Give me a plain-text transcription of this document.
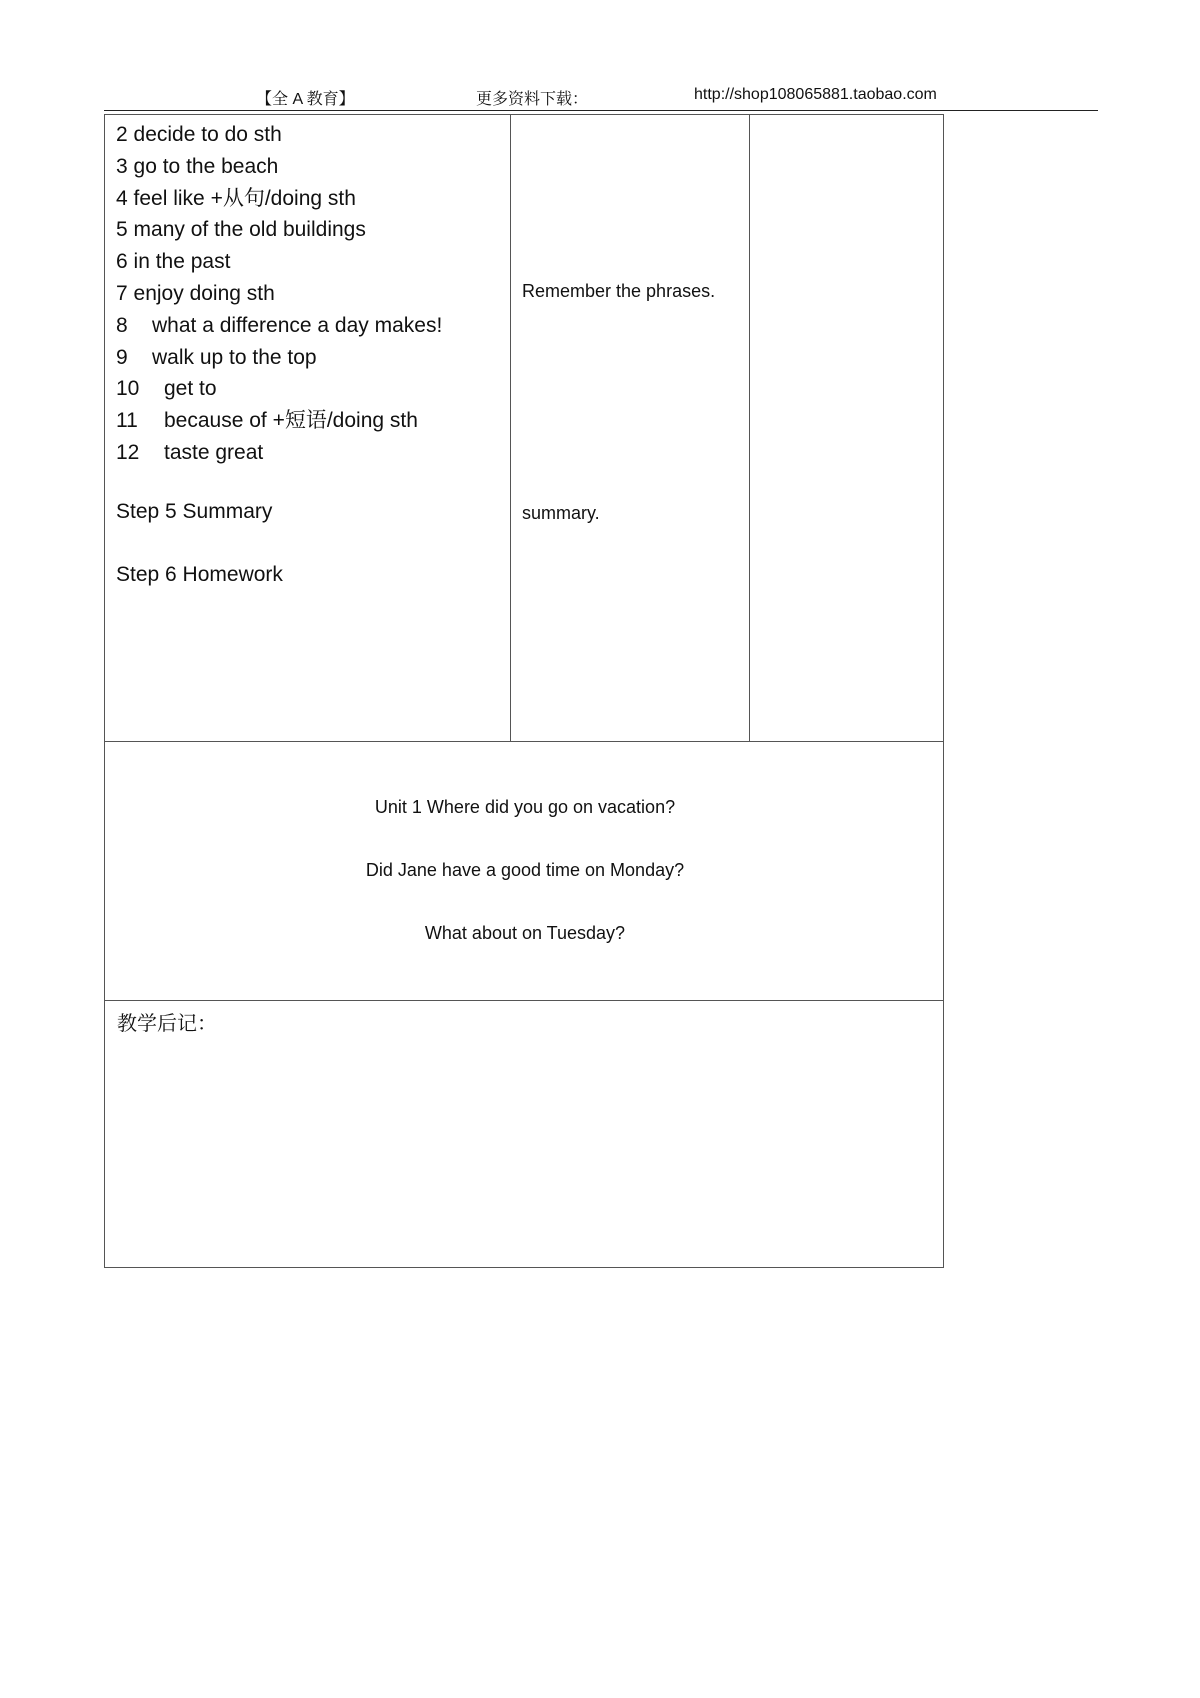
【全 A 教育】	更多资料下载：	http://shop108065881.taobao.com
2 decide to do sth
3 go to the beach
4 feel like +从句/doing sth
5 many of the old buildings
6 in the past
7 enjoy doing sth
8 what a difference a day makes!
9 walk up to the top
10 get to
11 because of +短语/doing sth
12 taste great
Step 5 Summary
Step 6 Homework
Remember the phrases.
summary.
Unit 1 Where did you go on vacation?
Did Jane have a good time on Monday?
What about on Tuesday?
教学后记：
